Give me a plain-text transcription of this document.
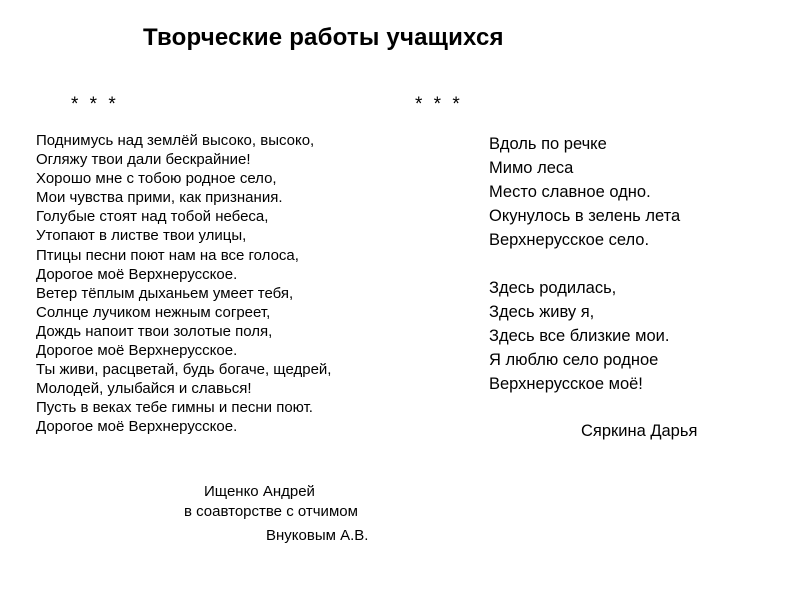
Творческие работы учащихся
* * *	* * *
Поднимусь над землёй высоко, высоко,
Огляжу твои дали бескрайние!
Хорошо мне с тобою родное село,
Мои чувства прими, как признания.
Голубые стоят над тобой небеса,
Утопают в листве твои улицы,
Птицы песни поют нам на все голоса,
Дорогое моё Верхнерусское.
Ветер тёплым дыханьем умеет тебя,
Солнце лучиком нежным согреет,
Дождь напоит твои золотые поля,
Дорогое моё Верхнерусское.
Ты живи, расцветай, будь богаче, щедрей,
Молодей, улыбайся и славься!
Пусть в веках тебе гимны и песни поют.
Дорогое моё Верхнерусское.
Ищенко Андрей
в соавторстве с отчимом
Внуковым А.В.
Вдоль по речке
Мимо леса
Место славное одно.
Окунулось в зелень лета
Верхнерусское село.
Здесь родилась,
Здесь живу я,
Здесь все близкие мои.
Я люблю село родное
Верхнерусское моё!
Сяркина Дарья
